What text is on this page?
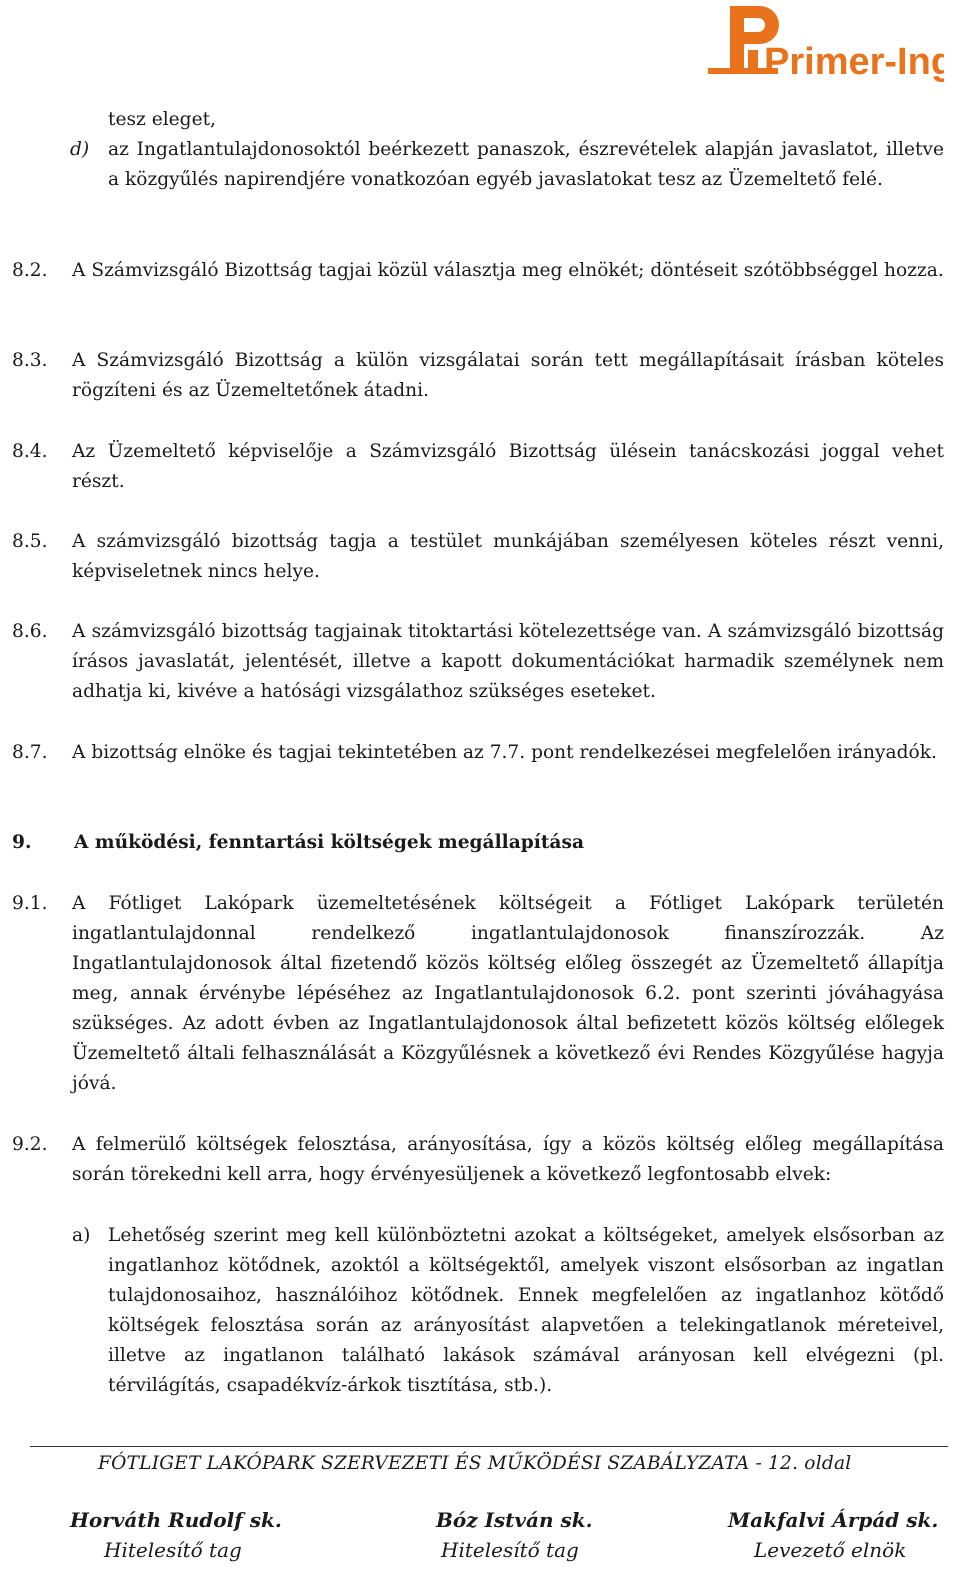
Primer-Ing
tesz eleget,
d) az Ingatlantulajdonosoktól beérkezett panaszok, észrevételek alapján javaslatot, illetve a közgyűlés napirendjére vonatkozóan egyéb javaslatokat tesz az Üzemeltető felé.
8.2. A Számvizsgáló Bizottság tagjai közül választja meg elnökét; döntéseit szótöbbséggel hozza.
8.3. A Számvizsgáló Bizottság a külön vizsgálatai során tett megállapításait írásban köteles rögzíteni és az Üzemeltetőnek átadni.
8.4. Az Üzemeltető képviselője a Számvizsgáló Bizottság ülésein tanácskozási joggal vehet részt.
8.5. A számvizsgáló bizottság tagja a testület munkájában személyesen köteles részt venni, képviseletnek nincs helye.
8.6. A számvizsgáló bizottság tagjainak titoktartási kötelezettsége van. A számvizsgáló bizottság írásos javaslatát, jelentését, illetve a kapott dokumentációkat harmadik személynek nem adhatja ki, kivéve a hatósági vizsgálathoz szükséges eseteket.
8.7. A bizottság elnöke és tagjai tekintetében az 7.7. pont rendelkezései megfelelően irányadók.
9. A működési, fenntartási költségek megállapítása
9.1. A Fótliget Lakópark üzemeltetésének költségeit a Fótliget Lakópark területén ingatlantulajdonnal rendelkező ingatlantulajdonosok finanszírozzák. Az Ingatlantulajdonosok által fizetendő közös költség előleg összegét az Üzemeltető állapítja meg, annak érvénybe lépéséhez az Ingatlantulajdonosok 6.2. pont szerinti jóváhagyása szükséges. Az adott évben az Ingatlantulajdonosok által befizetett közös költség előlegek Üzemeltető általi felhasználását a Közgyűlésnek a következő évi Rendes Közgyűlése hagyja jóvá.
9.2. A felmerülő költségek felosztása, arányosítása, így a közös költség előleg megállapítása során törekedni kell arra, hogy érvényesüljenek a következő legfontosabb elvek:
a) Lehetőség szerint meg kell különböztetni azokat a költségeket, amelyek elsősorban az ingatlanhoz kötődnek, azoktól a költségektől, amelyek viszont elsősorban az ingatlan tulajdonosaihoz, használóihoz kötődnek. Ennek megfelelően az ingatlanhoz kötődő költségek felosztása során az arányosítást alapvetően a telekingatlanok méreteivel, illetve az ingatlanon található lakások számával arányosan kell elvégezni (pl. térvilágítás, csapadékvíz-árkok tisztítása, stb.).
FÓTLIGET LAKÓPARK SZERVEZETI ÉS MŰKÖDÉSI SZABÁLYZATA - 12. oldal
Horváth Rudolf sk.
Hitelesítő tag
Bóz István sk.
Hitelesítő tag
Makfalvi Árpád sk.
Levezető elnök
